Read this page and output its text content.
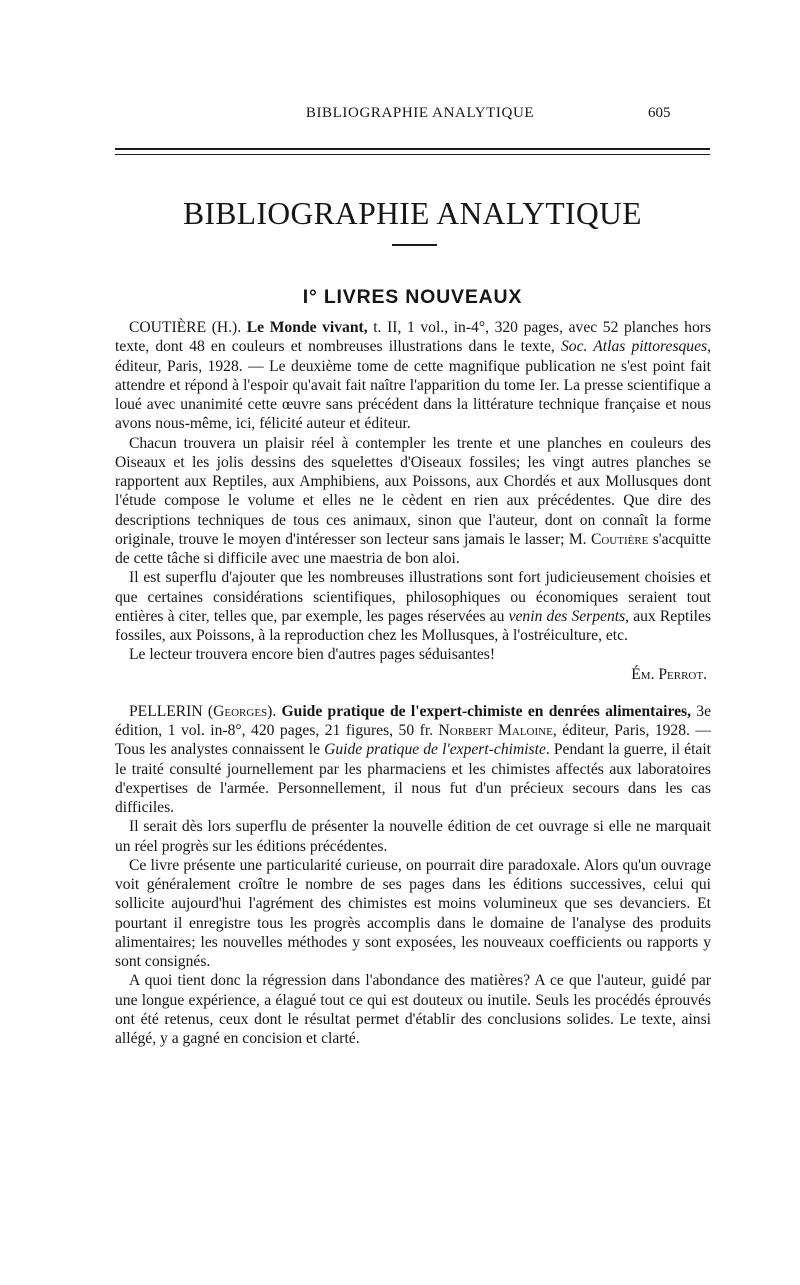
BIBLIOGRAPHIE ANALYTIQUE	605
BIBLIOGRAPHIE ANALYTIQUE
I° LIVRES NOUVEAUX

COUTIÈRE (H.). Le Monde vivant, t. II, 1 vol., in-4°, 320 pages, avec 52 planches hors texte, dont 48 en couleurs et nombreuses illustrations dans le texte, Soc. Atlas pittoresques, éditeur, Paris, 1928. — Le deuxième tome de cette magnifique publication ne s'est point fait attendre et répond à l'espoir qu'avait fait naître l'apparition du tome Ier. La presse scientifique a loué avec unanimité cette œuvre sans précédent dans la littérature technique française et nous avons nous-même, ici, félicité auteur et éditeur.

Chacun trouvera un plaisir réel à contempler les trente et une planches en couleurs des Oiseaux et les jolis dessins des squelettes d'Oiseaux fossiles; les vingt autres planches se rapportent aux Reptiles, aux Amphibiens, aux Poissons, aux Chordés et aux Mollusques dont l'étude compose le volume et elles ne le cèdent en rien aux précédentes. Que dire des descriptions techniques de tous ces animaux, sinon que l'auteur, dont on connaît la forme originale, trouve le moyen d'intéresser son lecteur sans jamais le lasser; M. Coutière s'acquitte de cette tâche si difficile avec une maestria de bon aloi.

Il est superflu d'ajouter que les nombreuses illustrations sont fort judicieusement choisies et que certaines considérations scientifiques, philosophiques ou économiques seraient tout entières à citer, telles que, par exemple, les pages réservées au venin des Serpents, aux Reptiles fossiles, aux Poissons, à la reproduction chez les Mollusques, à l'ostréiculture, etc.

Le lecteur trouvera encore bien d'autres pages séduisantes!

Ém. Perrot.

PELLERIN (Georges). Guide pratique de l'expert-chimiste en denrées alimentaires, 3e édition, 1 vol. in-8°, 420 pages, 21 figures, 50 fr. Norbert Maloine, éditeur, Paris, 1928. — Tous les analystes connaissent le Guide pratique de l'expert-chimiste. Pendant la guerre, il était le traité consulté journellement par les pharmaciens et les chimistes affectés aux laboratoires d'expertises de l'armée. Personnellement, il nous fut d'un précieux secours dans les cas difficiles.

Il serait dès lors superflu de présenter la nouvelle édition de cet ouvrage si elle ne marquait un réel progrès sur les éditions précédentes.

Ce livre présente une particularité curieuse, on pourrait dire paradoxale. Alors qu'un ouvrage voit généralement croître le nombre de ses pages dans les éditions successives, celui qui sollicite aujourd'hui l'agrément des chimistes est moins volumineux que ses devanciers. Et pourtant il enregistre tous les progrès accomplis dans le domaine de l'analyse des produits alimentaires; les nouvelles méthodes y sont exposées, les nouveaux coefficients ou rapports y sont consignés.

A quoi tient donc la régression dans l'abondance des matières? A ce que l'auteur, guidé par une longue expérience, a élagué tout ce qui est douteux ou inutile. Seuls les procédés éprouvés ont été retenus, ceux dont le résultat permet d'établir des conclusions solides. Le texte, ainsi allégé, y a gagné en concision et clarté.
